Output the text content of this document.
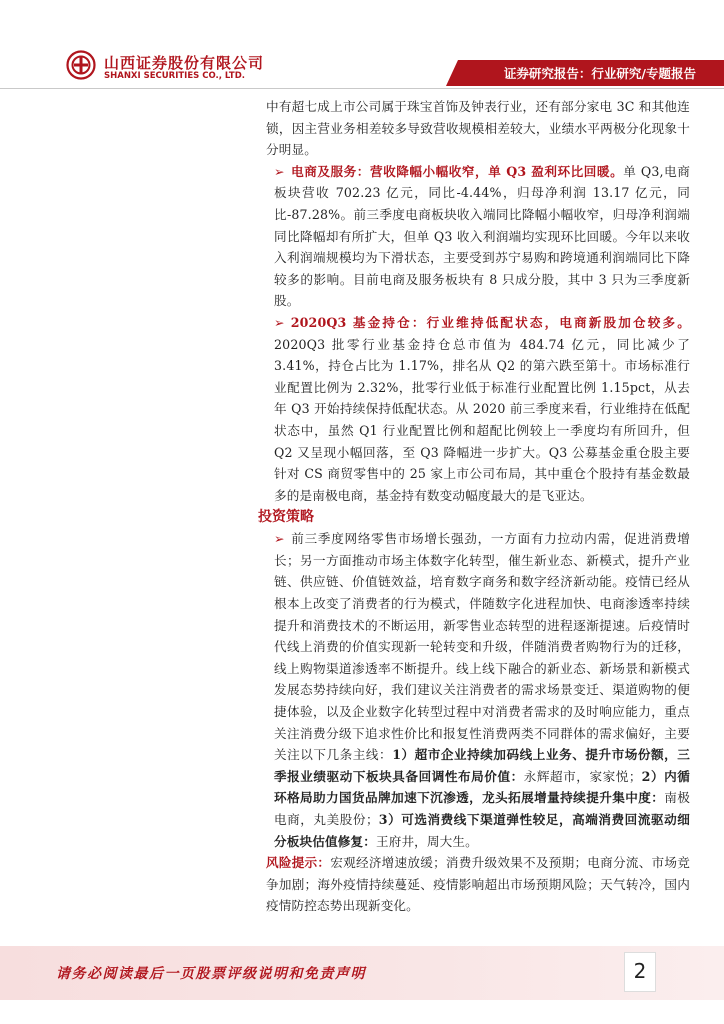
山西证券股份有限公司
SHANXI SECURITIES CO., LTD.	证券研究报告：行业研究/专题报告

中有超七成上市公司属于珠宝首饰及钟表行业，还有部分家电 3C 和其他连锁，因主营业务相差较多导致营收规模相差较大，业绩水平两极分化现象十分明显。

➢ 电商及服务：营收降幅小幅收窄，单 Q3 盈利环比回暖。单 Q3,电商板块营收 702.23 亿元，同比-4.44%，归母净利润 13.17 亿元，同比-87.28%。前三季度电商板块收入端同比降幅小幅收窄，归母净利润端同比降幅却有所扩大，但单 Q3 收入利润端均实现环比回暖。今年以来收入利润端规模均为下滑状态，主要受到苏宁易购和跨境通利润端同比下降较多的影响。目前电商及服务板块有 8 只成分股，其中 3 只为三季度新股。

➢ 2020Q3 基金持仓：行业维持低配状态，电商新股加仓较多。2020Q3 批零行业基金持仓总市值为 484.74 亿元，同比减少了 3.41%，持仓占比为 1.17%，排名从 Q2 的第六跌至第十。市场标准行业配置比例为 2.32%，批零行业低于标准行业配置比例 1.15pct，从去年 Q3 开始持续保持低配状态。从 2020 前三季度来看，行业维持在低配状态中，虽然 Q1 行业配置比例和超配比例较上一季度均有所回升，但 Q2 又呈现小幅回落，至 Q3 降幅进一步扩大。Q3 公募基金重仓股主要针对 CS 商贸零售中的 25 家上市公司布局，其中重仓个股持有基金数最多的是南极电商，基金持有数变动幅度最大的是飞亚达。

投资策略

➢ 前三季度网络零售市场增长强劲，一方面有力拉动内需，促进消费增长；另一方面推动市场主体数字化转型，催生新业态、新模式，提升产业链、供应链、价值链效益，培育数字商务和数字经济新动能。疫情已经从根本上改变了消费者的行为模式，伴随数字化进程加快、电商渗透率持续提升和消费技术的不断运用，新零售业态转型的进程逐渐提速。后疫情时代线上消费的价值实现新一轮转变和升级，伴随消费者购物行为的迁移，线上购物渠道渗透率不断提升。线上线下融合的新业态、新场景和新模式发展态势持续向好，我们建议关注消费者的需求场景变迁、渠道购物的便捷体验，以及企业数字化转型过程中对消费者需求的及时响应能力，重点关注消费分级下追求性价比和报复性消费两类不同群体的需求偏好，主要关注以下几条主线：1）超市企业持续加码线上业务、提升市场份额，三季报业绩驱动下板块具备回调性布局价值：永辉超市，家家悦；2）内循环格局助力国货品牌加速下沉渗透，龙头拓展增量持续提升集中度：南极电商，丸美股份；3）可选消费线下渠道弹性较足，高端消费回流驱动细分板块估值修复：王府井，周大生。

风险提示：宏观经济增速放缓；消费升级效果不及预期；电商分流、市场竞争加剧；海外疫情持续蔓延、疫情影响超出市场预期风险；天气转冷，国内疫情防控态势出现新变化。

请务必阅读最后一页股票评级说明和免责声明	2
